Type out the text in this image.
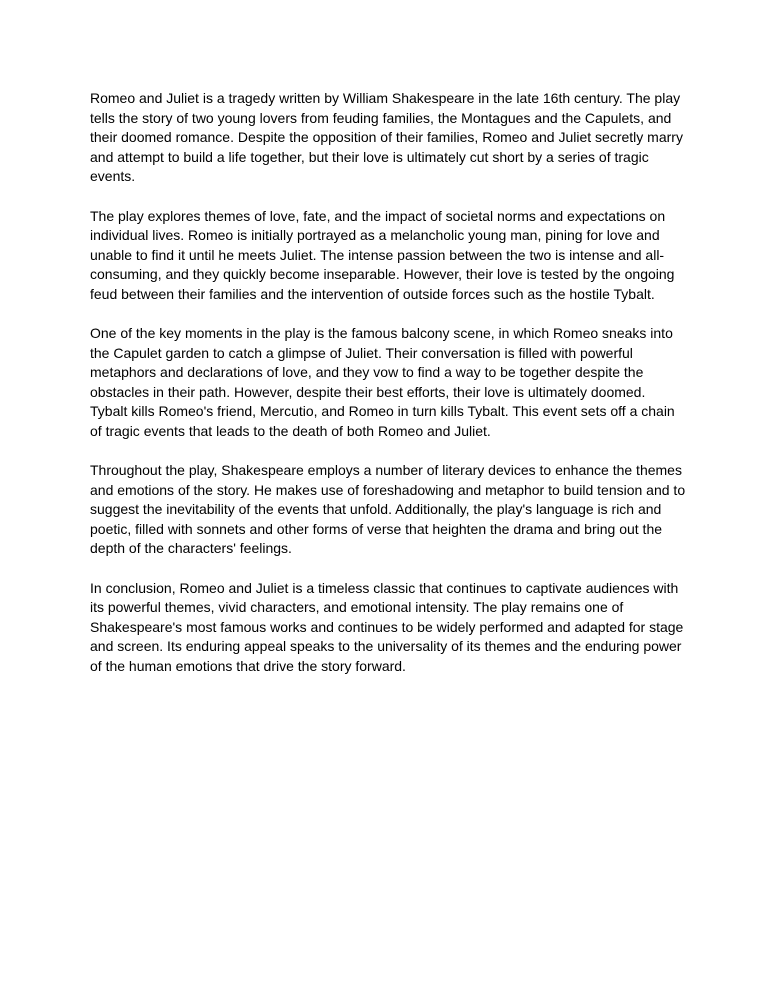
Romeo and Juliet is a tragedy written by William Shakespeare in the late 16th century. The play tells the story of two young lovers from feuding families, the Montagues and the Capulets, and their doomed romance. Despite the opposition of their families, Romeo and Juliet secretly marry and attempt to build a life together, but their love is ultimately cut short by a series of tragic events.

The play explores themes of love, fate, and the impact of societal norms and expectations on individual lives. Romeo is initially portrayed as a melancholic young man, pining for love and unable to find it until he meets Juliet. The intense passion between the two is intense and all-consuming, and they quickly become inseparable. However, their love is tested by the ongoing feud between their families and the intervention of outside forces such as the hostile Tybalt.

One of the key moments in the play is the famous balcony scene, in which Romeo sneaks into the Capulet garden to catch a glimpse of Juliet. Their conversation is filled with powerful metaphors and declarations of love, and they vow to find a way to be together despite the obstacles in their path. However, despite their best efforts, their love is ultimately doomed. Tybalt kills Romeo's friend, Mercutio, and Romeo in turn kills Tybalt. This event sets off a chain of tragic events that leads to the death of both Romeo and Juliet.

Throughout the play, Shakespeare employs a number of literary devices to enhance the themes and emotions of the story. He makes use of foreshadowing and metaphor to build tension and to suggest the inevitability of the events that unfold. Additionally, the play's language is rich and poetic, filled with sonnets and other forms of verse that heighten the drama and bring out the depth of the characters' feelings.

In conclusion, Romeo and Juliet is a timeless classic that continues to captivate audiences with its powerful themes, vivid characters, and emotional intensity. The play remains one of Shakespeare's most famous works and continues to be widely performed and adapted for stage and screen. Its enduring appeal speaks to the universality of its themes and the enduring power of the human emotions that drive the story forward.
